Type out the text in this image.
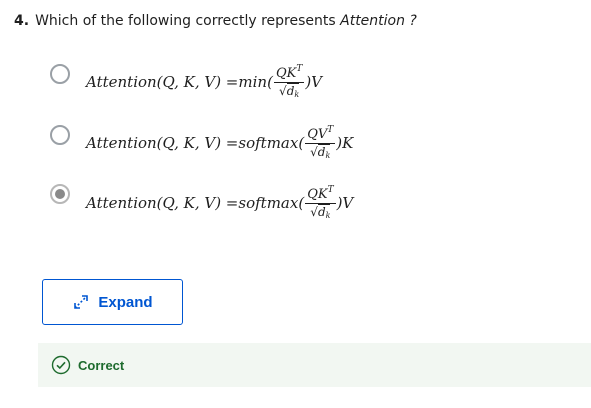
4. Which of the following correctly represents Attention ?
Attention(Q, K, $V) = \min( \frac{QK^T}{√d_k} )V$
Attention(Q, K, V) = softmax( $\frac{QV^T}{√d_k} )K$
Attention(Q, K, V) = softmax( $\frac{QK^T}{√d_k} )V$
Expand
Correct
